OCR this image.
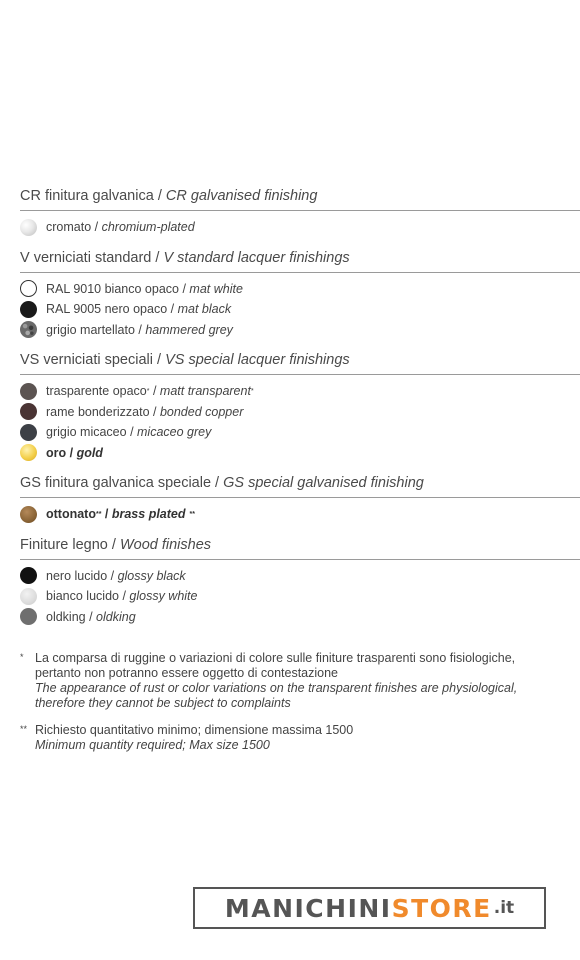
CR finitura galvanica / CR galvanised finishing
cromato / chromium-plated
V verniciati standard / V standard lacquer finishings
RAL 9010 bianco opaco / mat white
RAL 9005 nero opaco / mat black
grigio martellato / hammered grey
VS verniciati speciali / VS special lacquer finishings
trasparente opaco * / matt transparent *
rame bonderizzato / bonded copper
grigio micaceo / micaceo grey
oro / gold
GS finitura galvanica speciale / GS special galvanised finishing
ottonato ** / brass plated **
Finiture legno / Wood finishes
nero lucido / glossy black
bianco lucido / glossy white
oldking / oldking
* La comparsa di ruggine o variazioni di colore sulle finiture trasparenti sono fisiologiche,
pertanto non potranno essere oggetto di contestazione
The appearance of rust or color variations on the transparent finishes are physiological,
therefore they cannot be subject to complaints
** Richiesto quantitativo minimo; dimensione massima 1500
Minimum quantity required; Max size 1500
MANICHINI STORE .it
